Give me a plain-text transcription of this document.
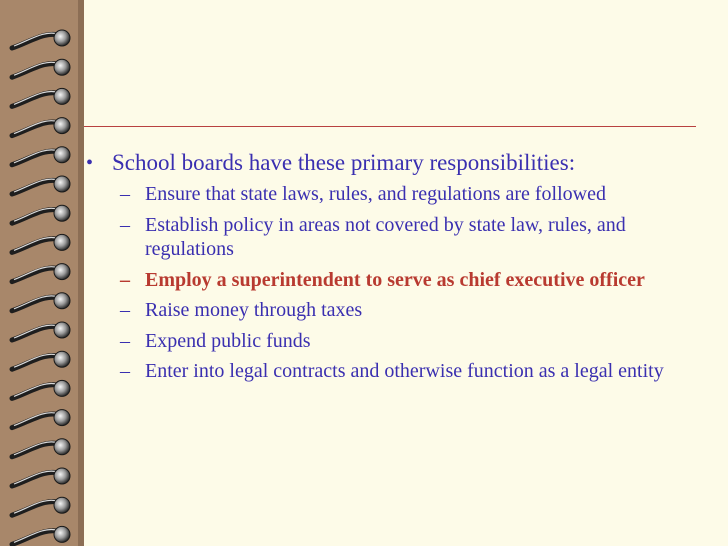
• School boards have these primary responsibilities:
– Ensure that state laws, rules, and regulations are followed
– Establish policy in areas not covered by state law, rules, and regulations
– Employ a superintendent to serve as chief executive officer
– Raise money through taxes
– Expend public funds
– Enter into legal contracts and otherwise function as a legal entity
